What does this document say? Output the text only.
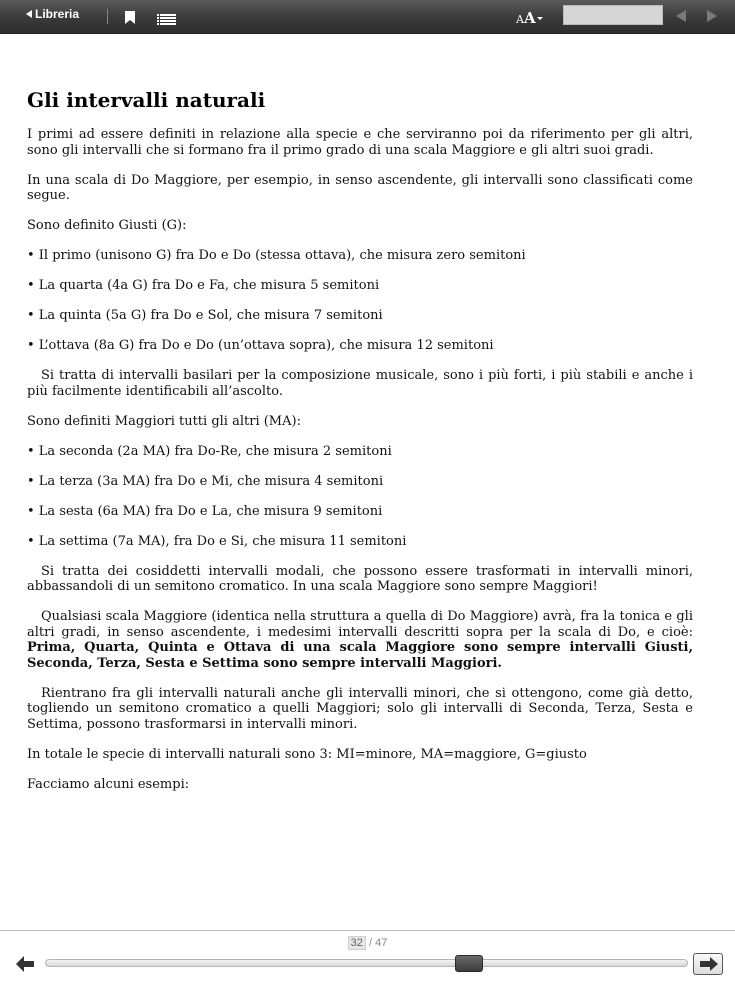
Libreria	AA
Gli intervalli naturali

I primi ad essere definiti in relazione alla specie e che serviranno poi da riferimento per gli altri, sono gli intervalli che si formano fra il primo grado di una scala Maggiore e gli altri suoi gradi.

In una scala di Do Maggiore, per esempio, in senso ascendente, gli intervalli sono classificati come segue.

Sono definito Giusti (G):

• Il primo (unisono G) fra Do e Do (stessa ottava), che misura zero semitoni

• La quarta (4a G) fra Do e Fa, che misura 5 semitoni

• La quinta (5a G) fra Do e Sol, che misura 7 semitoni

• L’ottava (8a G) fra Do e Do (un’ottava sopra), che misura 12 semitoni

Si tratta di intervalli basilari per la composizione musicale, sono i più forti, i più stabili e anche i più facilmente identificabili all’ascolto.

Sono definiti Maggiori tutti gli altri (MA):

• La seconda (2a MA) fra Do-Re, che misura 2 semitoni

• La terza (3a MA) fra Do e Mi, che misura 4 semitoni

• La sesta (6a MA) fra Do e La, che misura 9 semitoni

• La settima (7a MA), fra Do e Si, che misura 11 semitoni

Si tratta dei cosiddetti intervalli modali, che possono essere trasformati in intervalli minori, abbassandoli di un semitono cromatico. In una scala Maggiore sono sempre Maggiori!

Qualsiasi scala Maggiore (identica nella struttura a quella di Do Maggiore) avrà, fra la tonica e gli altri gradi, in senso ascendente, i medesimi intervalli descritti sopra per la scala di Do, e cioè: Prima, Quarta, Quinta e Ottava di una scala Maggiore sono sempre intervalli Giusti, Seconda, Terza, Sesta e Settima sono sempre intervalli Maggiori.

Rientrano fra gli intervalli naturali anche gli intervalli minori, che si ottengono, come già detto, togliendo un semitono cromatico a quelli Maggiori; solo gli intervalli di Seconda, Terza, Sesta e Settima, possono trasformarsi in intervalli minori.

In totale le specie di intervalli naturali sono 3: MI=minore, MA=maggiore, G=giusto

Facciamo alcuni esempi:

32 / 47
